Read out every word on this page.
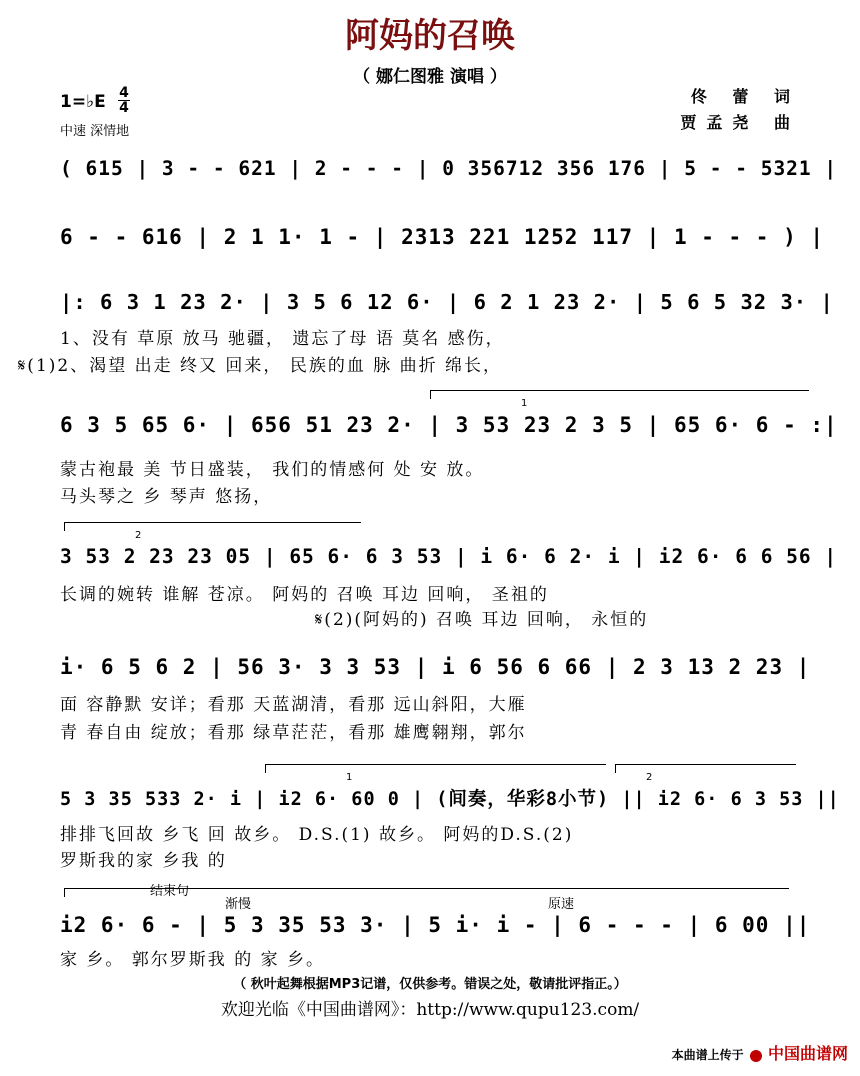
阿妈的召唤
（ 娜仁图雅 演唱 ）
1=♭E 4
4
中速 深情地
佟 蕾 词
贾孟尧 曲
1
2
1	2
结束句
渐慢	原速
( 615 | 3 - - 621 | 2 - - - | 0 356712 356 176 | 5 - - 5321 |
6 - - 616 | 2 1 1· 1 - | 2313 221 1252 117 | 1 - - - ) |
|: 6 3 1 23 2· | 3 5 6 12 6· | 6 2 1 23 2· | 5 6 5 32 3· |
6 3 5 65 6· | 656 51 23 2· | 3 53 23 2 3 5 | 65 6· 6 - :|
3 53 2 23 23 05 | 65 6· 6 3 53 | i 6· 6 2· i | i2 6· 6 6 56 |
i· 6 5 6 2 | 56 3· 3 3 53 | i 6 56 6 66 | 2 3 13 2 23 |
5 3 35 533 2· i | i2 6· 60 0 | (间奏，华彩8小节) || i2 6· 6 3 53 ||
i2 6· 6 - | 5 3 35 53 3· | 5 i· i - | 6 - - - | 6 00 ||
1、没有 草原 放马 驰疆， 遗忘了母 语 莫名 感伤，
𝄋(1)2、渴望 出走 终又 回来， 民族的血 脉 曲折 绵长，
蒙古袍最 美 节日盛装， 我们的情感何 处 安 放。
马头琴之 乡 琴声 悠扬，
长调的婉转 谁解 苍凉。 阿妈的 召唤 耳边 回响， 圣祖的
𝄋(2)(阿妈的) 召唤 耳边 回响， 永恒的
面 容静默 安详；看那 天蓝湖清，看那 远山斜阳，大雁
青 春自由 绽放；看那 绿草茫茫，看那 雄鹰翱翔，郭尔
排排飞回故 乡飞 回 故乡。 D.S.(1) 故乡。 阿妈的D.S.(2)
罗斯我的家 乡我 的
家 乡。 郭尔罗斯我 的 家 乡。
（ 秋叶起舞根据MP3记谱，仅供参考。错误之处，敬请批评指正。）
欢迎光临《中国曲谱网》：http://www.qupu123.com/
本曲谱上传于 中国曲谱网
